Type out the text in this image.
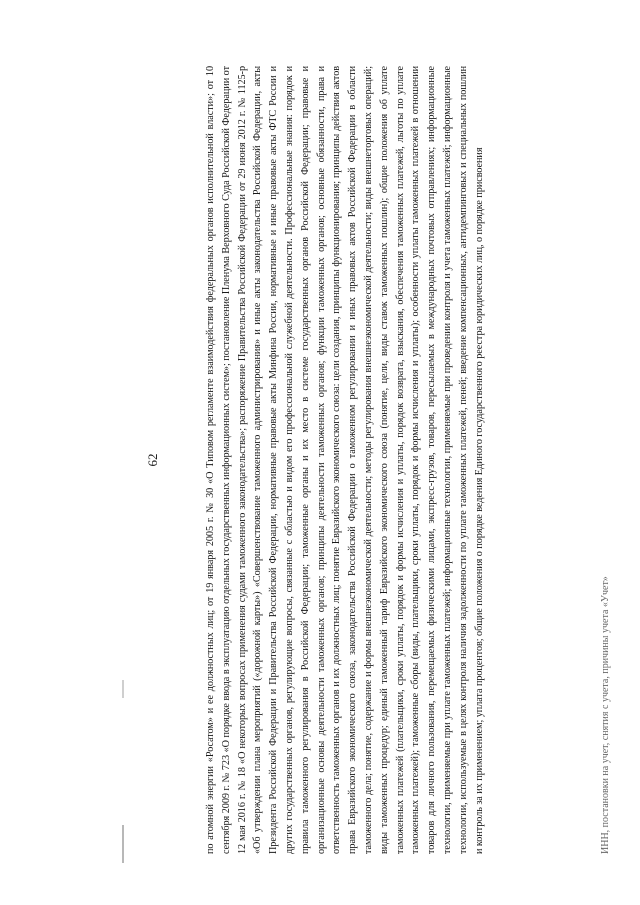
62	по атомной энергии «Росатом» и ее должностных лиц; от 19 января 2005 г. № 30 «О Типовом регламенте взаимодействия федеральных органов исполнительной власти»; от 10 сентября 2009 г. № 723 «О порядке ввода в эксплуатацию отдельных государственных информационных систем»; постановление Пленума Верховного Суда Российской Федерации от 12 мая 2016 г. № 18 «О некоторых вопросах применения судами таможенного законодательства»; распоряжение Правительства Российской Федерации от 29 июня 2012 г. № 1125-р «Об утверждении плана мероприятий («дорожной карты») «Совершенствование таможенного администрирования» и иные акты законодательства Российской Федерации, акты Президента Российской Федерации и Правительства Российской Федерации, нормативные правовые акты Минфина России, нормативные и иные правовые акты ФТС России и других государственных органов, регулирующие вопросы, связанные с областью и видом его профессиональной служебной деятельности. Профессиональные знания: порядок и правила таможенного регулирования в Российской Федерации; таможенные органы и их место в системе государственных органов Российской Федерации; правовые и организационные основы деятельности таможенных органов; принципы деятельности таможенных органов; функции таможенных органов; основные обязанности, права и ответственность таможенных органов и их должностных лиц; понятие Евразийского экономического союза: цели создания, принципы функционирования; принципы действия актов права Евразийского экономического союза, законодательства Российской Федерации о таможенном регулировании и иных правовых актов Российской Федерации в области таможенного дела; понятие, содержание и формы внешнеэкономической деятельности; методы регулирования внешнеэкономической деятельности; виды внешнеторговых операций; виды таможенных процедур; единый таможенный тариф Евразийского экономического союза (понятие, цели, виды ставок таможенных пошлин); общие положения об уплате таможенных платежей (плательщики, сроки уплаты, порядок и формы исчисления и уплаты, порядок возврата, взыскания, обеспечения таможенных платежей, льготы по уплате таможенных платежей); таможенные сборы (виды, плательщики, сроки уплаты, порядок и формы исчисления и уплаты); особенности уплаты таможенных платежей в отношении товаров для личного пользования, перемещаемых физическими лицами, экспресс-грузов, товаров, пересылаемых в международных почтовых отправлениях; информационные технологии, применяемые при уплате таможенных платежей; информационные технологии, применяемые при проведении контроля и учета таможенных платежей; информационные технологии, используемые в целях контроля наличия задолженности по уплате таможенных платежей, пеней; введение компенсационных, антидемпинговых и специальных пошлин и контроль за их применением; уплата процентов; общие положения о порядке ведения Единого государственного реестра юридических лиц, о порядке присвоения	ИНН, постановки на учет, снятия с учета, причины учета «Учет»
